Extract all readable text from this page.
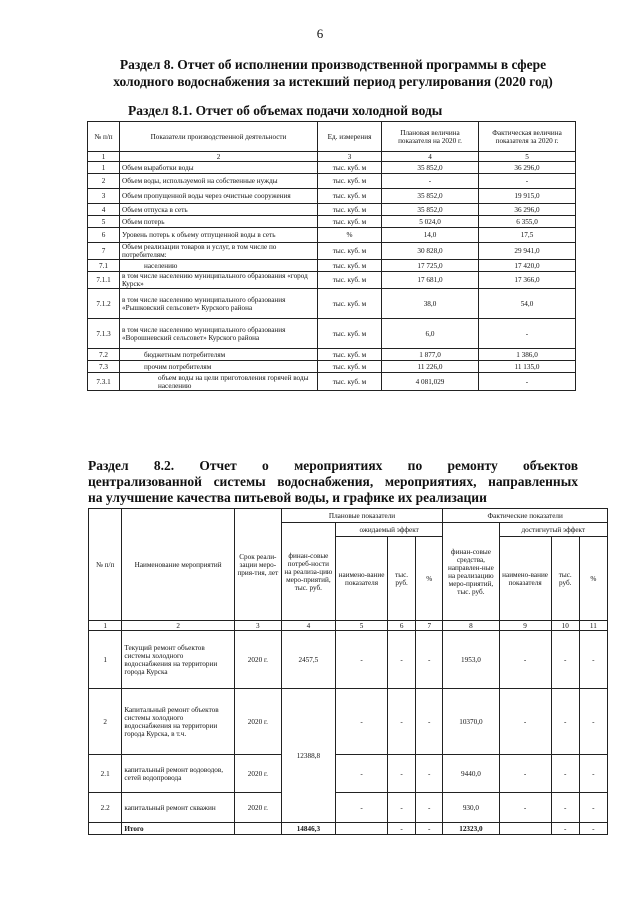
6
Раздел 8. Отчет об исполнении производственной программы в сфере
холодного водоснабжения за истекший период регулирования (2020 год)
Раздел 8.1. Отчет об объемах подачи холодной воды
№ п/п	Показатели производственной деятельности	Ед. измерения	Плановая величина показателя на 2020 г.	Фактическая величина показателя за 2020 г.
1	2	3	4	5
1	Объем выработки воды	тыс. куб. м	35 852,0	36 296,0
2	Объем воды, используемой на собственные нужды	тыс. куб. м	-	-
3	Объем пропущенной воды через очистные сооружения	тыс. куб. м	35 852,0	19 915,0
4	Объем отпуска в сеть	тыс. куб. м	35 852,0	36 296,0
5	Объем потерь	тыс. куб. м	5 024,0	6 355,0
6	Уровень потерь к объему отпущенной воды в сеть	%	14,0	17,5
7	Объем реализации товаров и услуг, в том числе по потребителям:	тыс. куб. м	30 828,0	29 941,0
7.1	населению	тыс. куб. м	17 725,0	17 420,0
7.1.1	в том числе населению муниципального образования «город Курск»	тыс. куб. м	17 681,0	17 366,0
7.1.2	в том числе населению муниципального образования «Рышковский сельсовет» Курского района	тыс. куб. м	38,0	54,0
7.1.3	в том числе населению муниципального образования «Ворошневский сельсовет» Курского района	тыс. куб. м	6,0	-
7.2	бюджетным потребителям	тыс. куб. м	1 877,0	1 386,0
7.3	прочим потребителям	тыс. куб. м	11 226,0	11 135,0
7.3.1	объем воды на цели приготовления горячей воды населению	тыс. куб. м	4 081,029	-
Раздел 8.2. Отчет о мероприятиях по ремонту объектов
централизованной системы водоснабжения, мероприятиях, направленных
на улучшение качества питьевой воды, и графике их реализации
№ п/п	Наименование мероприятий	Срок реали-зации меро-прия-тия, лет	Плановые показатели				Фактические показатели			
			финан-совые потреб-ности на реализа-цию меро-приятий, тыс. руб.	ожидаемый эффект			финан-совые средства, направлен-ные на реализацию меро-приятий, тыс. руб.	достигнутый эффект		
				наимено-вание показателя	тыс. руб.	%		наимено-вание показателя	тыс. руб.	%
1	2	3	4	5	6	7	8	9	10	11
1	Текущий ремонт объектов системы холодного водоснабжения на территории города Курска	2020 г.	2457,5	-	-	-	1953,0	-	-	-
2	Капитальный ремонт объектов системы холодного водоснабжения на территории города Курска, в т.ч.	2020 г.	12388,8	-	-	-	10370,0	-	-	-
2.1	капитальный ремонт водоводов, сетей водопровода	2020 г.		-	-	-	9440,0	-	-	-
2.2	капитальный ремонт скважин	2020 г.		-	-	-	930,0	-	-	-
	Итого		14846,3		-	-	12323,0		-	-
